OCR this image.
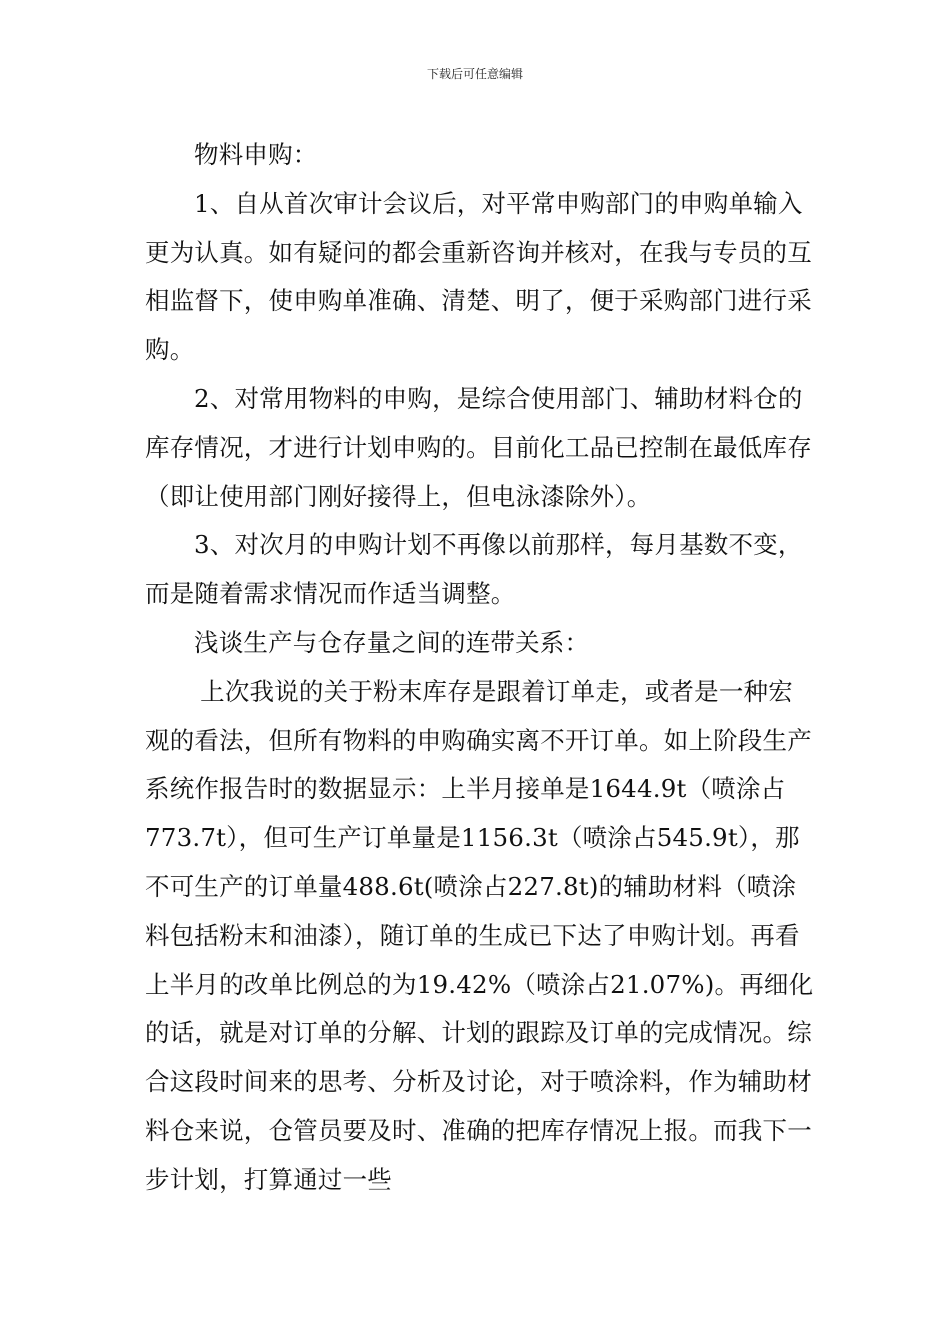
下载后可任意编辑

物料申购：

1、自从首次审计会议后，对平常申购部门的申购单输入更为认真。如有疑问的都会重新咨询并核对，在我与专员的互相监督下，使申购单准确、清楚、明了，便于采购部门进行采购。

2、对常用物料的申购，是综合使用部门、辅助材料仓的库存情况，才进行计划申购的。目前化工品已控制在最低库存（即让使用部门刚好接得上，但电泳漆除外）。

3、对次月的申购计划不再像以前那样，每月基数不变，而是随着需求情况而作适当调整。

浅谈生产与仓存量之间的连带关系：

上次我说的关于粉末库存是跟着订单走，或者是一种宏观的看法，但所有物料的申购确实离不开订单。如上阶段生产系统作报告时的数据显示：上半月接单是1644.9t（喷涂占773.7t），但可生产订单量是1156.3t（喷涂占545.9t），那不可生产的订单量488.6t(喷涂占227.8t)的辅助材料（喷涂料包括粉末和油漆），随订单的生成已下达了申购计划。再看上半月的改单比例总的为19.42%（喷涂占21.07%)。再细化的话，就是对订单的分解、计划的跟踪及订单的完成情况。综合这段时间来的思考、分析及讨论，对于喷涂料，作为辅助材料仓来说，仓管员要及时、准确的把库存情况上报。而我下一步计划，打算通过一些
